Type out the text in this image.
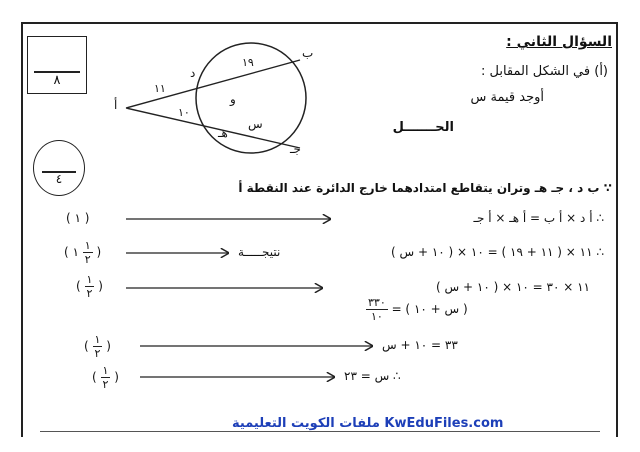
٨
٤
السؤال الثاني :
(أ) في الشكل المقابل :
أوجد قيمة س
الحـــــــل
أ
ب
د
هـ
جـ
و
١١
١٩
١٠
س
∵ ب د ، جـ هـ وتران يتقاطع امتدادهما خارج الدائرة عند النقطة أ
∴ أ د × أ ب = أ هـ × أ جـ
( ١ )
∴ ١١ × ( ١١ + ١٩ ) = ١٠ × ( ١٠ + س )
نتيجـــــة
( ١ $\frac{١}{٢}$ )
١١ × ٣٠ = ١٠ × ( ١٠ + س )
( $\frac{١}{٢}$ )
$\frac{٣٣٠}{١٠}$ ( س + ١٠ ) =
٣٣ = ١٠ + س
( $\frac{١}{٢}$ )
∴ س = ٢٣
( $\frac{١}{٢}$ )
ملفات الكويت التعليمية KwEduFiles.com
